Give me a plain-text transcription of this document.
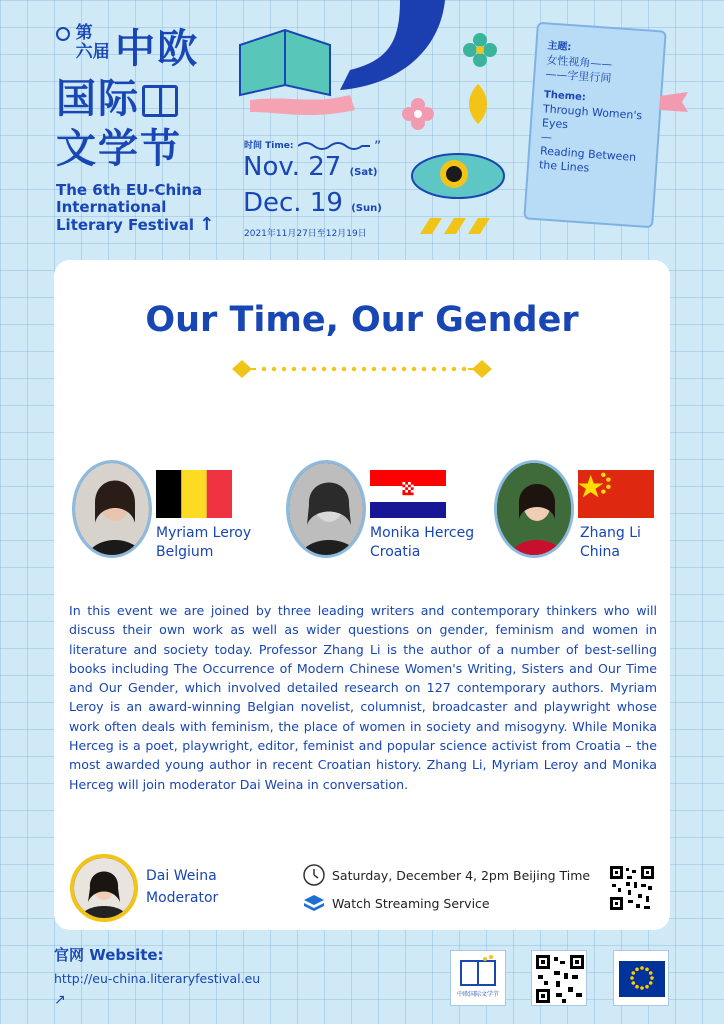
第
六届 中欧
国际
文学节
The 6th EU-China
International
Literary Festival ↑
时间 Time:	”
Nov. 27 (Sat)
Dec. 19 (Sun)
2021年11月27日至12月19日
主题:
女性视角——
——字里行间
Theme:
Through Women's Eyes
—
Reading Between the Lines
Our Time, Our Gender
Myriam Leroy
Belgium
Monika Herceg
Croatia
Zhang Li
China
In this event we are joined by three leading writers and contemporary thinkers who will discuss their own work as well as wider questions on gender, feminism and women in literature and society today. Professor Zhang Li is the author of a number of best-selling books including The Occurrence of Modern Chinese Women's Writing, Sisters and Our Time and Our Gender, which involved detailed research on 127 contemporary authors. Myriam Leroy is an award-winning Belgian novelist, columnist, broadcaster and playwright whose work often deals with feminism, the place of women in society and misogyny. While Monika Herceg is a poet, playwright, editor, feminist and popular science activist from Croatia – the most awarded young author in recent Croatian history. Zhang Li, Myriam Leroy and Monika Herceg will join moderator Dai Weina in conversation.
Dai Weina
Moderator
Saturday, December 4, 2pm Beijing Time
Watch Streaming Service
官网 Website:
http://eu-china.literaryfestival.eu
↗	中欧国际文学节
